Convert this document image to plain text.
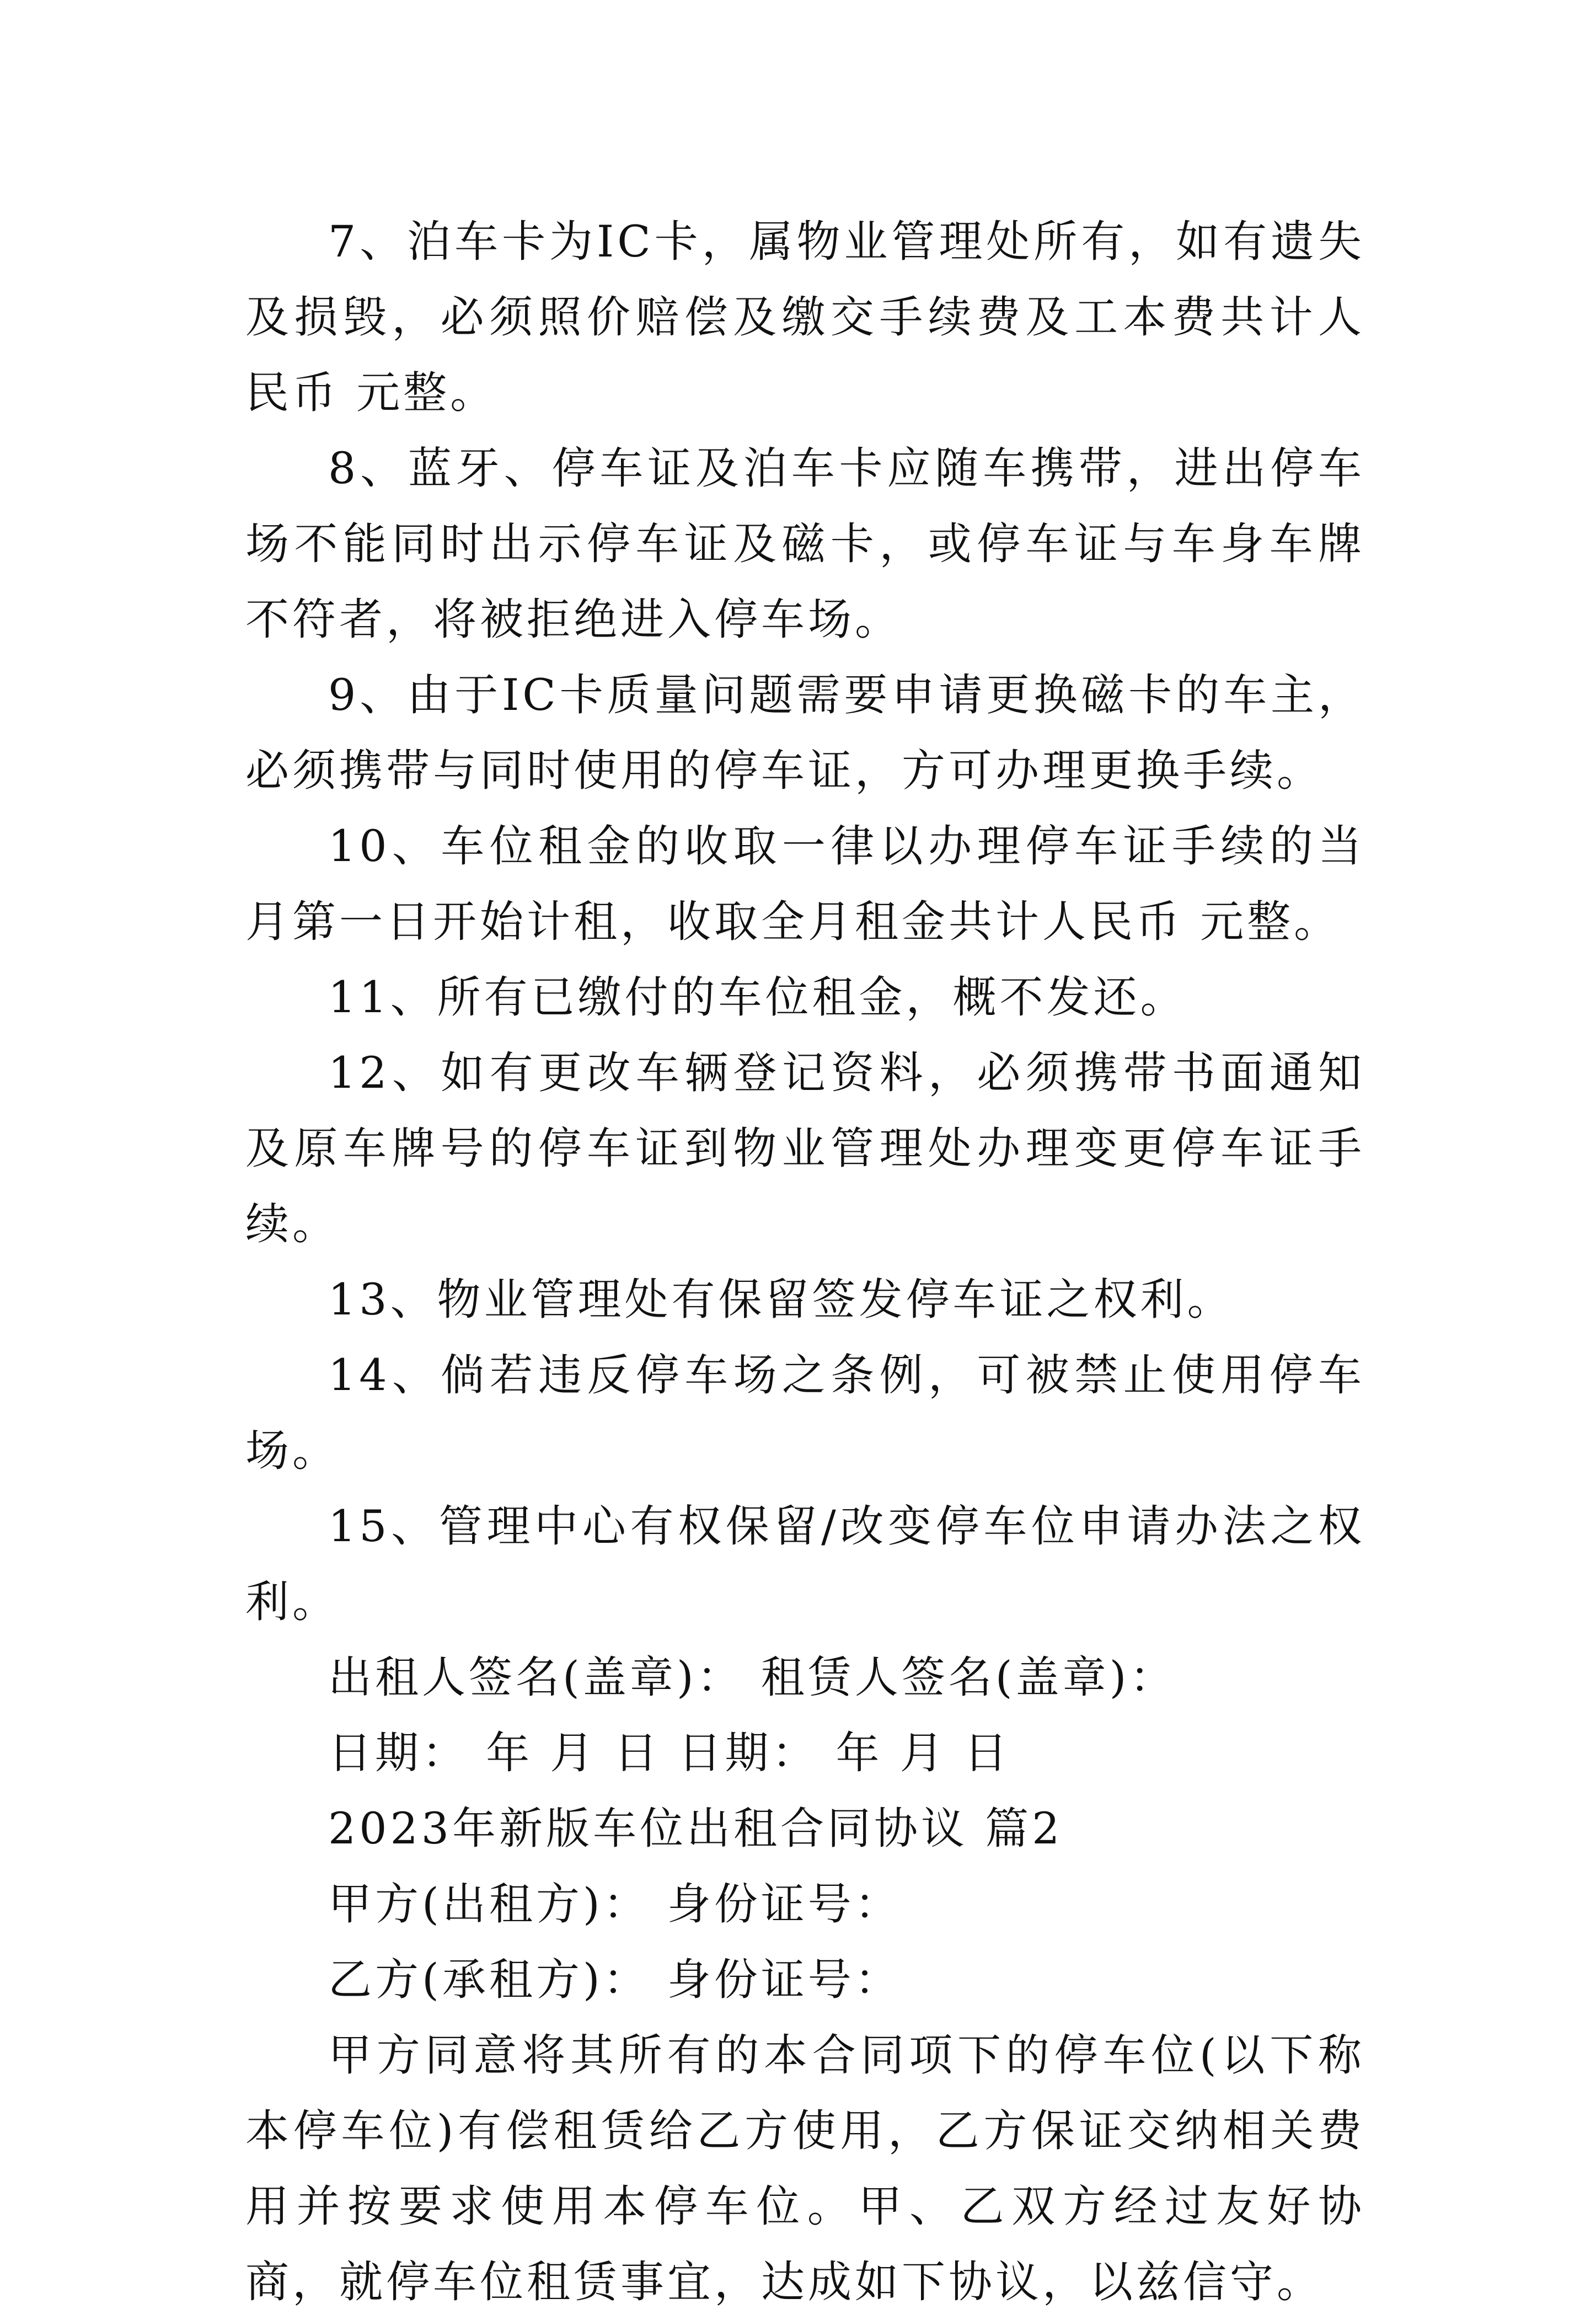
7、泊车卡为IC卡，属物业管理处所有，如有遗失及损毁，必须照价赔偿及缴交手续费及工本费共计人民币 元整。

8、蓝牙、停车证及泊车卡应随车携带，进出停车场不能同时出示停车证及磁卡，或停车证与车身车牌不符者，将被拒绝进入停车场。

9、由于IC卡质量问题需要申请更换磁卡的车主，必须携带与同时使用的停车证，方可办理更换手续。

10、车位租金的收取一律以办理停车证手续的当月第一日开始计租，收取全月租金共计人民币 元整。

11、所有已缴付的车位租金，概不发还。

12、如有更改车辆登记资料，必须携带书面通知及原车牌号的停车证到物业管理处办理变更停车证手续。

13、物业管理处有保留签发停车证之权利。

14、倘若违反停车场之条例，可被禁止使用停车场。

15、管理中心有权保留/改变停车位申请办法之权利。

出租人签名(盖章)： 租赁人签名(盖章)：

日期： 年 月 日 日期： 年 月 日

2023年新版车位出租合同协议 篇2

甲方(出租方)： 身份证号：

乙方(承租方)： 身份证号：

甲方同意将其所有的本合同项下的停车位(以下称本停车位)有偿租赁给乙方使用，乙方保证交纳相关费用并按要求使用本停车位。甲、乙双方经过友好协商，就停车位租赁事宜，达成如下协议，以兹信守。
